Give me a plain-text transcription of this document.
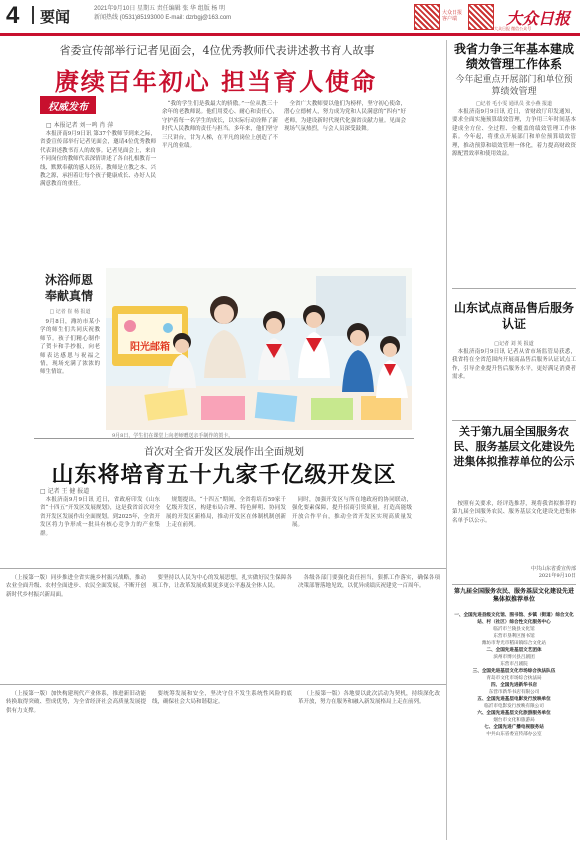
4	要闻	2021年9月10日 星期五 责任编辑 张 华 组版 杨 明
新闻热线 (0531)85193000 E-mail: dzrbgj@163.com
大众日报 客户端	大众日报
大众日报 微信公众号
省委宣传部举行记者见面会，4位优秀教师代表讲述教书育人故事
赓续百年初心 担当育人使命
权威发布
□ 本报记者 刘一鸣 肖 萍

本报济南9月9日讯 第37个教师节到来之际，省委宣传部举行记者见面会，邀请4位优秀教师代表讲述教书育人的故事。记者见面会上，来自不同岗位的教师代表深情讲述了各自扎根教育一线、默默奉献的感人经历。教师是立教之本、兴教之源，承担着让每个孩子健康成长、办好人民满意教育的重任。

“我的学生们是我最大的骄傲。”一位从教三十余年的老教师说。他们用爱心、耐心和责任心，守护着每一名学生的成长，以实际行动诠释了新时代人民教师的责任与担当。多年来，他们坚守三尺讲台，甘为人梯，在平凡的岗位上创造了不平凡的业绩。

全省广大教师要以他们为榜样，坚守初心使命，潜心立德树人，努力成为党和人民满意的“四有”好老师，为建设新时代现代化强省贡献力量。见面会现场气氛热烈，与会人员深受鼓舞。

沐浴师恩 奉献真情
□ 记者 崔 杨 报道

9月8日，潍坊市某小学的师生们共同庆祝教师节。孩子们精心制作了贺卡和手抄报，向老师表达感恩与祝福之情，现场充满了浓浓的师生情谊。

阳光邮箱
9月8日，学生们在课堂上向老师赠送亲手制作的贺卡。
首次对全省开发区发展作出全面规划
山东将培育五十九家千亿级开发区
□ 记者 王 健 报道

本报济南9月9日讯 近日，省政府印发《山东省“十四五”开发区发展规划》，这是我省首次对全省开发区发展作出全面规划。到2025年，全省开发区将力争形成一批具有核心竞争力的产业集群。

规划提出，“十四五”期间，全省将培育59家千亿级开发区，构建布局合理、特色鲜明、协同发展的开发区新格局，推动开发区在体制机制创新上走在前列。

同时，加强开发区与所在地政府的协同联动，强化要素保障，提升招商引资质量，打造高能级开放合作平台，推动全省开发区实现高质量发展。

（上接第一版）同步推进全省实施乡村振兴战略，推动农业全面升级、农村全面进步、农民全面发展，不断开创新时代乡村振兴新局面。

要坚持以人民为中心的发展思想，扎实做好民生保障各项工作，让改革发展成果更多更公平惠及全体人民。

各级各部门要强化责任担当，狠抓工作落实，确保各项决策部署落地见效，以优异成绩庆祝建党一百周年。

（上接第一版）加快构建现代产业体系，推进新旧动能转换取得突破、塑成优势，为全省经济社会高质量发展提供有力支撑。

要统筹发展和安全，坚决守住不发生系统性风险的底线，确保社会大局和谐稳定。

（上接第一版）各地要以此次活动为契机，持续深化改革开放，努力在服务和融入新发展格局上走在前列。

我省力争三年基本建成绩效管理工作体系
今年起重点开展部门和单位预算绩效管理
□记者 毛小雯 通讯员 张小燕 报道

本报济南9月9日讯 近日，省财政厅印发通知，要求全面实施预算绩效管理，力争用三年时间基本建成全方位、全过程、全覆盖的绩效管理工作体系。今年起，将重点开展部门和单位预算绩效管理，推动预算和绩效管理一体化，着力提高财政资源配置效率和使用效益。

山东试点商品售后服务认证
□记者 刘 英 报道

本报济南9月9日讯 记者从省市场监管局获悉，我省将在全省范围内开展商品售后服务认证试点工作，引导企业提升售后服务水平，更好满足消费者需求。

关于第九届全国服务农民、服务基层文化建设先进集体拟推荐单位的公示

按照有关要求，经评选推荐，现将我省拟推荐的第九届全国服务农民、服务基层文化建设先进集体名单予以公示。

中共山东省委宣传部
2021年9月10日
第九届全国服务农民、服务基层文化建设先进集体拟推荐单位
一、全国先进县级文化馆、图书馆、乡镇（街道）综合文化站、村（社区）综合性文化服务中心
临沂市兰陵县文化馆
东营市垦利区图书馆
潍坊市寿光市稻田镇综合文化站
二、全国先进基层文艺团体
滨州市博兴县吕剧团
东营市吕剧院
三、全国先进基层文化市场综合执法队伍
青岛市文化市场综合执法局
四、全国先进新华书店
东营市新华书店有限公司
五、全国先进基层电影发行放映单位
临沂市电影发行放映有限公司
六、全国先进基层文化旅游服务单位
烟台市文化和旅游局
七、全国先进广播电视服务站
中共山东省委宣传部办公室
